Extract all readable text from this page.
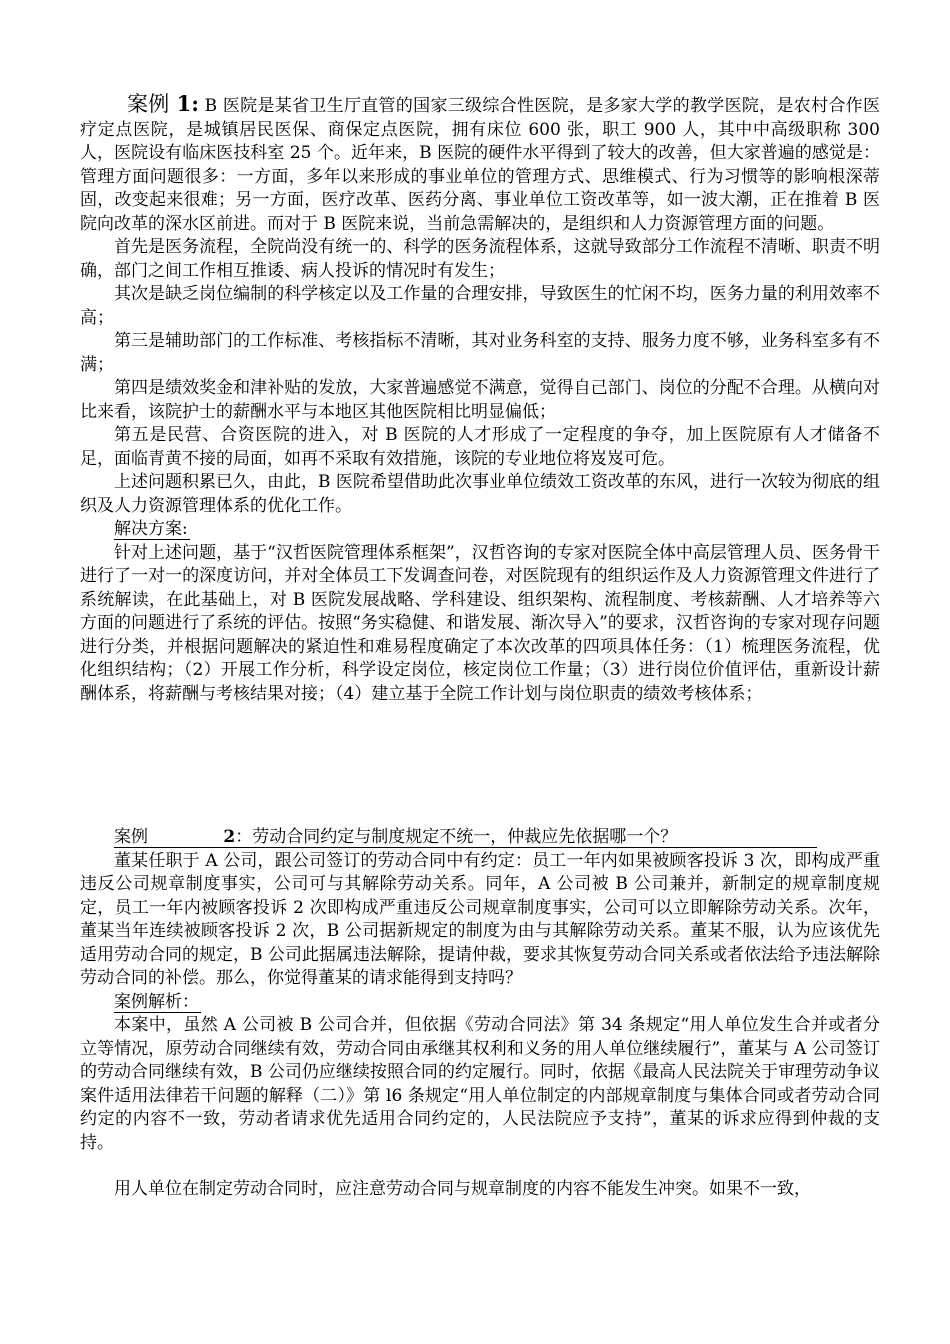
案例 1: B 医院是某省卫生厅直管的国家三级综合性医院，是多家大学的教学医院，是农村合作医疗定点医院，是城镇居民医保、商保定点医院，拥有床位 600 张，职工 900 人，其中中高级职称 300 人，医院设有临床医技科室 25 个。近年来，B 医院的硬件水平得到了较大的改善，但大家普遍的感觉是：管理方面问题很多：一方面，多年以来形成的事业单位的管理方式、思维模式、行为习惯等的影响根深蒂固，改变起来很难；另一方面，医疗改革、医药分离、事业单位工资改革等，如一波大潮，正在推着 B 医院向改革的深水区前进。而对于 B 医院来说，当前急需解决的，是组织和人力资源管理方面的问题。

首先是医务流程，全院尚没有统一的、科学的医务流程体系，这就导致部分工作流程不清晰、职责不明确，部门之间工作相互推诿、病人投诉的情况时有发生；

其次是缺乏岗位编制的科学核定以及工作量的合理安排，导致医生的忙闲不均，医务力量的利用效率不高；

第三是辅助部门的工作标准、考核指标不清晰，其对业务科室的支持、服务力度不够，业务科室多有不满；

第四是绩效奖金和津补贴的发放，大家普遍感觉不满意，觉得自己部门、岗位的分配不合理。从横向对比来看，该院护士的薪酬水平与本地区其他医院相比明显偏低；

第五是民营、合资医院的进入，对 B 医院的人才形成了一定程度的争夺，加上医院原有人才储备不足，面临青黄不接的局面，如再不采取有效措施，该院的专业地位将岌岌可危。

上述问题积累已久，由此，B 医院希望借助此次事业单位绩效工资改革的东风，进行一次较为彻底的组织及人力资源管理体系的优化工作。

解决方案:

针对上述问题，基于“汉哲医院管理体系框架”，汉哲咨询的专家对医院全体中高层管理人员、医务骨干进行了一对一的深度访问，并对全体员工下发调查问卷，对医院现有的组织运作及人力资源管理文件进行了系统解读，在此基础上，对 B 医院发展战略、学科建设、组织架构、流程制度、考核薪酬、人才培养等六方面的问题进行了系统的评估。按照“务实稳健、和谐发展、渐次导入”的要求，汉哲咨询的专家对现存问题进行分类，并根据问题解决的紧迫性和难易程度确定了本次改革的四项具体任务：（1）梳理医务流程，优化组织结构；（2）开展工作分析，科学设定岗位，核定岗位工作量；（3）进行岗位价值评估，重新设计薪酬体系，将薪酬与考核结果对接；（4）建立基于全院工作计划与岗位职责的绩效考核体系；

案例	2：劳动合同约定与制度规定不统一，仲裁应先依据哪一个？

董某任职于 A 公司，跟公司签订的劳动合同中有约定：员工一年内如果被顾客投诉 3 次，即构成严重违反公司规章制度事实，公司可与其解除劳动关系。同年，A 公司被 B 公司兼并，新制定的规章制度规定，员工一年内被顾客投诉 2 次即构成严重违反公司规章制度事实，公司可以立即解除劳动关系。次年，董某当年连续被顾客投诉 2 次，B 公司据新规定的制度为由与其解除劳动关系。董某不服，认为应该优先适用劳动合同的规定，B 公司此据属违法解除，提请仲裁，要求其恢复劳动合同关系或者依法给予违法解除劳动合同的补偿。那么，你觉得董某的请求能得到支持吗？

案例解析：

本案中，虽然 A 公司被 B 公司合并，但依据《劳动合同法》第 34 条规定“用人单位发生合并或者分立等情况，原劳动合同继续有效，劳动合同由承继其权利和义务的用人单位继续履行”，董某与 A 公司签订的劳动合同继续有效，B 公司仍应继续按照合同的约定履行。同时，依据《最高人民法院关于审理劳动争议案件适用法律若干问题的解释（二）》第 l6 条规定“用人单位制定的内部规章制度与集体合同或者劳动合同约定的内容不一致，劳动者请求优先适用合同约定的，人民法院应予支持”，董某的诉求应得到仲裁的支持。

用人单位在制定劳动合同时，应注意劳动合同与规章制度的内容不能发生冲突。如果不一致，
